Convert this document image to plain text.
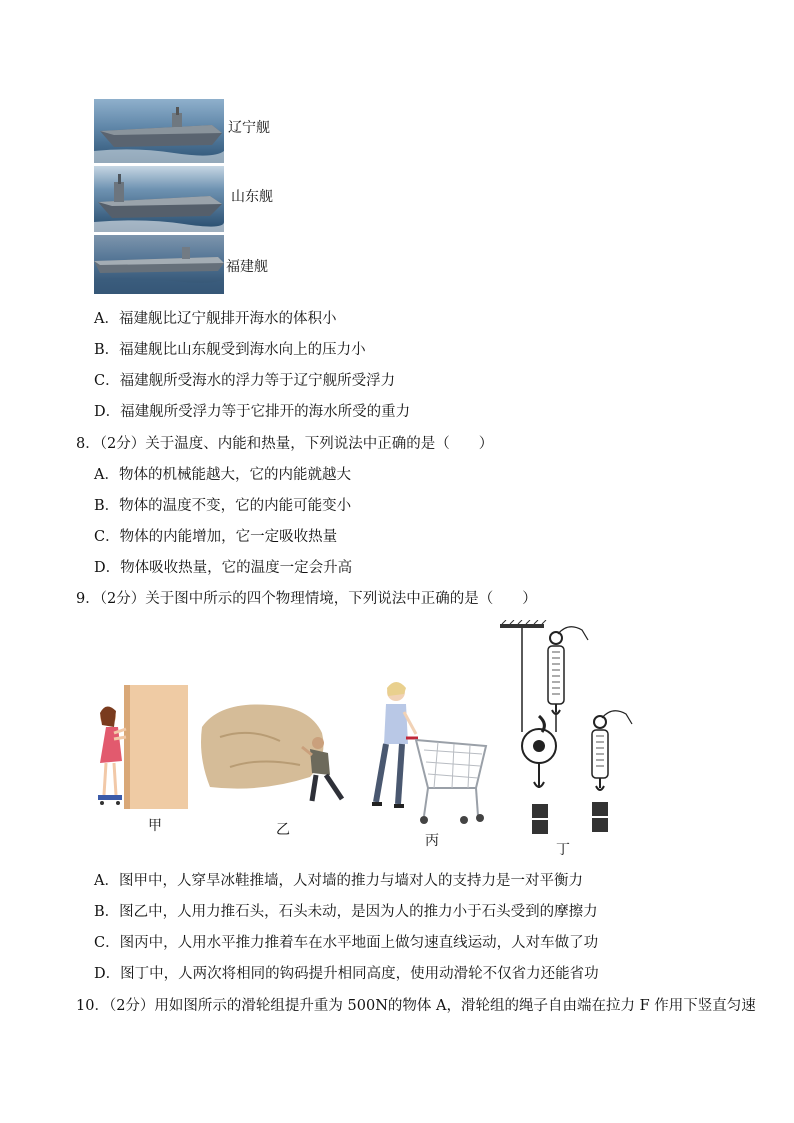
辽宁舰
山东舰
福建舰
A．福建舰比辽宁舰排开海水的体积小
B．福建舰比山东舰受到海水向上的压力小
C．福建舰所受海水的浮力等于辽宁舰所受浮力
D．福建舰所受浮力等于它排开的海水所受的重力
8．（2分）关于温度、内能和热量，下列说法中正确的是（　　）
A．物体的机械能越大，它的内能就越大
B．物体的温度不变，它的内能可能变小
C．物体的内能增加，它一定吸收热量
D．物体吸收热量，它的温度一定会升高
9．（2分）关于图中所示的四个物理情境，下列说法中正确的是（　　）
甲	乙
丙
丁
A．图甲中，人穿旱冰鞋推墙，人对墙的推力与墙对人的支持力是一对平衡力
B．图乙中，人用力推石头，石头未动，是因为人的推力小于石头受到的摩擦力
C．图丙中，人用水平推力推着车在水平地面上做匀速直线运动，人对车做了功
D．图丁中，人两次将相同的钩码提升相同高度，使用动滑轮不仅省力还能省功
10．（2分）用如图所示的滑轮组提升重为 500N的物体 A，滑轮组的绳子自由端在拉力 F 作用下竖直匀速
